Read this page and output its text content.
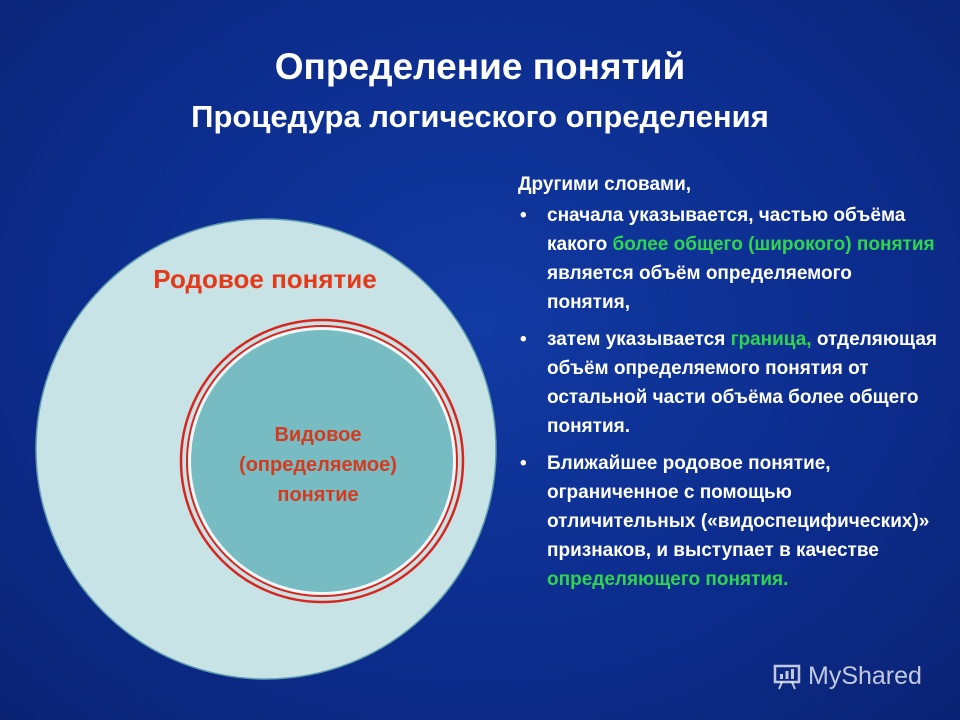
Определение понятий
Процедура логического определения
Родовое понятие
Видовое
(определяемое)
понятие

Другими словами,

• сначала указывается, частью объёма какого более общего (широкого) понятия является объём определяемого понятия,
• затем указывается граница, отделяющая объём определяемого понятия от остальной части объёма более общего понятия.
• Ближайшее родовое понятие, ограниченное с помощью отличительных («видоспецифических)» признаков, и выступает в качестве определяющего понятия.
MyShared
